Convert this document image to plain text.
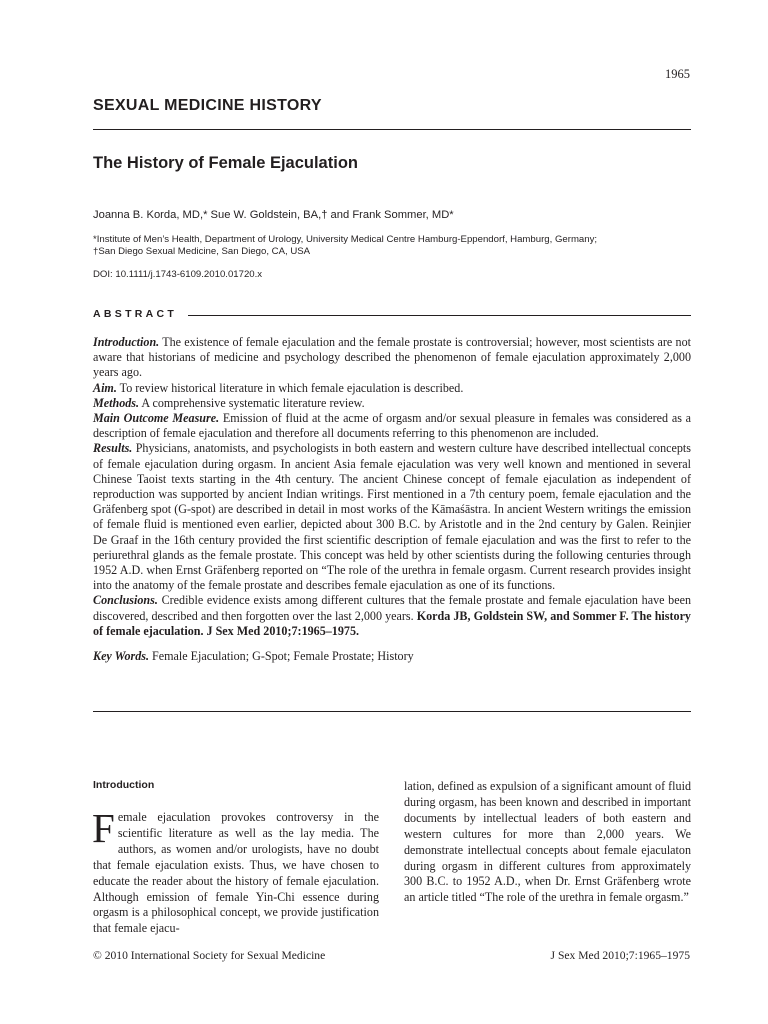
1965
SEXUAL MEDICINE HISTORY
The History of Female Ejaculation
Joanna B. Korda, MD,* Sue W. Goldstein, BA,† and Frank Sommer, MD*
*Institute of Men’s Health, Department of Urology, University Medical Centre Hamburg-Eppendorf, Hamburg, Germany;
†San Diego Sexual Medicine, San Diego, CA, USA
DOI: 10.1111/j.1743-6109.2010.01720.x
ABSTRACT

Introduction. The existence of female ejaculation and the female prostate is controversial; however, most scientists are not aware that historians of medicine and psychology described the phenomenon of female ejaculation approximately 2,000 years ago.

Aim. To review historical literature in which female ejaculation is described.

Methods. A comprehensive systematic literature review.

Main Outcome Measure. Emission of fluid at the acme of orgasm and/or sexual pleasure in females was considered as a description of female ejaculation and therefore all documents referring to this phenomenon are included.

Results. Physicians, anatomists, and psychologists in both eastern and western culture have described intellectual concepts of female ejaculation during orgasm. In ancient Asia female ejaculation was very well known and mentioned in several Chinese Taoist texts starting in the 4th century. The ancient Chinese concept of female ejaculation as independent of reproduction was supported by ancient Indian writings. First mentioned in a 7th century poem, female ejaculation and the Gräfenberg spot (G-spot) are described in detail in most works of the Kāmaśāstra. In ancient Western writings the emission of female fluid is mentioned even earlier, depicted about 300 B.C. by Aristotle and in the 2nd century by Galen. Reinjier De Graaf in the 16th century provided the first scientific description of female ejaculation and was the first to refer to the periurethral glands as the female prostate. This concept was held by other scientists during the following centuries through 1952 A.D. when Ernst Gräfenberg reported on “The role of the urethra in female orgasm. Current research provides insight into the anatomy of the female prostate and describes female ejaculation as one of its functions.

Conclusions. Credible evidence exists among different cultures that the female prostate and female ejaculation have been discovered, described and then forgotten over the last 2,000 years. Korda JB, Goldstein SW, and Sommer F. The history of female ejaculation. J Sex Med 2010;7:1965–1975.

Key Words. Female Ejaculation; G-Spot; Female Prostate; History

Introduction
Female ejaculation provokes controversy in the scientific literature as well as the lay media. The authors, as women and/or urologists, have no doubt that female ejaculation exists. Thus, we have chosen to educate the reader about the history of female ejaculation. Although emission of female Yin-Chi essence during orgasm is a philosophical concept, we provide justification that female ejacu-
lation, defined as expulsion of a significant amount of fluid during orgasm, has been known and described in important documents by intellectual leaders of both eastern and western cultures for more than 2,000 years. We demonstrate intellectual concepts about female ejaculaton during orgasm in different cultures from approximately 300 B.C. to 1952 A.D., when Dr. Ernst Gräfenberg wrote an article titled “The role of the urethra in female orgasm.”
© 2010 International Society for Sexual Medicine	J Sex Med 2010;7:1965–1975
